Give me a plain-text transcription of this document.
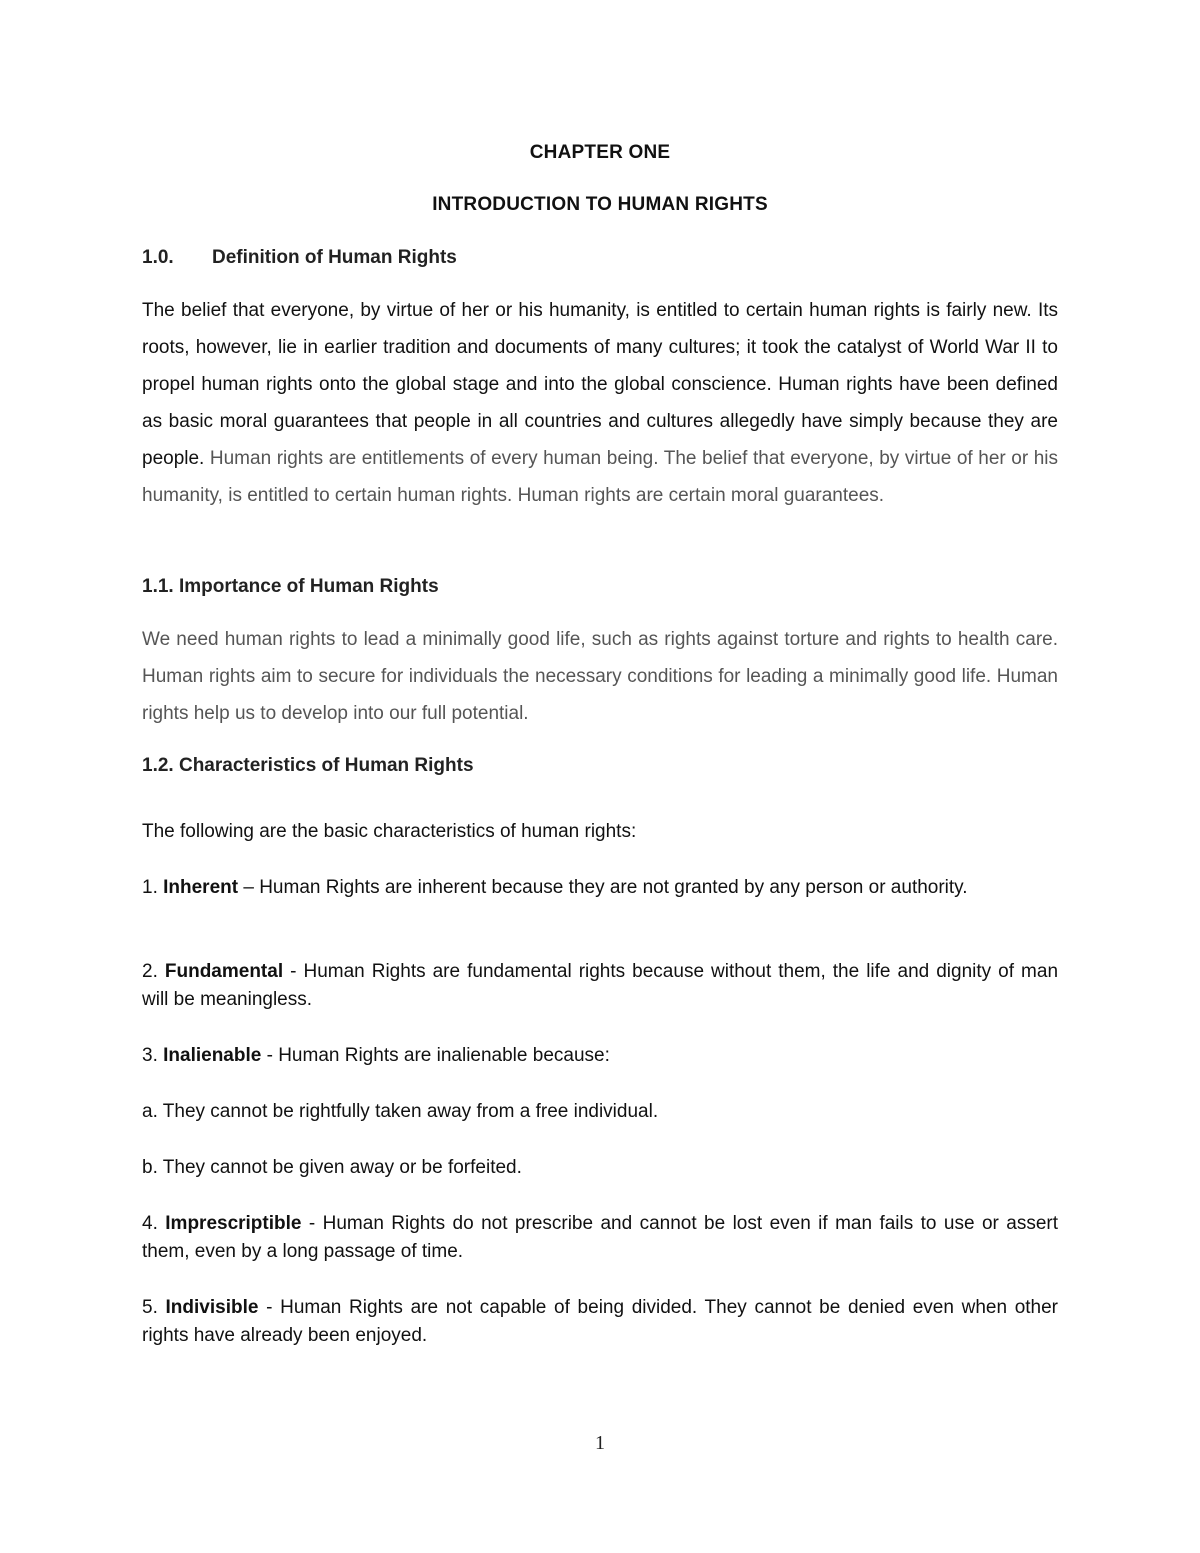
CHAPTER ONE
INTRODUCTION TO HUMAN RIGHTS
1.0. Definition of Human Rights
The belief that everyone, by virtue of her or his humanity, is entitled to certain human rights is fairly new. Its roots, however, lie in earlier tradition and documents of many cultures; it took the catalyst of World War II to propel human rights onto the global stage and into the global conscience. Human rights have been defined as basic moral guarantees that people in all countries and cultures allegedly have simply because they are people. Human rights are entitlements of every human being. The belief that everyone, by virtue of her or his humanity, is entitled to certain human rights. Human rights are certain moral guarantees.
1.1. Importance of Human Rights
We need human rights to lead a minimally good life, such as rights against torture and rights to health care. Human rights aim to secure for individuals the necessary conditions for leading a minimally good life. Human rights help us to develop into our full potential.
1.2. Characteristics of Human Rights
The following are the basic characteristics of human rights:
1. Inherent – Human Rights are inherent because they are not granted by any person or authority.
2. Fundamental - Human Rights are fundamental rights because without them, the life and dignity of man will be meaningless.
3. Inalienable - Human Rights are inalienable because:
a. They cannot be rightfully taken away from a free individual.
b. They cannot be given away or be forfeited.
4. Imprescriptible - Human Rights do not prescribe and cannot be lost even if man fails to use or assert them, even by a long passage of time.
5. Indivisible - Human Rights are not capable of being divided. They cannot be denied even when other rights have already been enjoyed.
1
